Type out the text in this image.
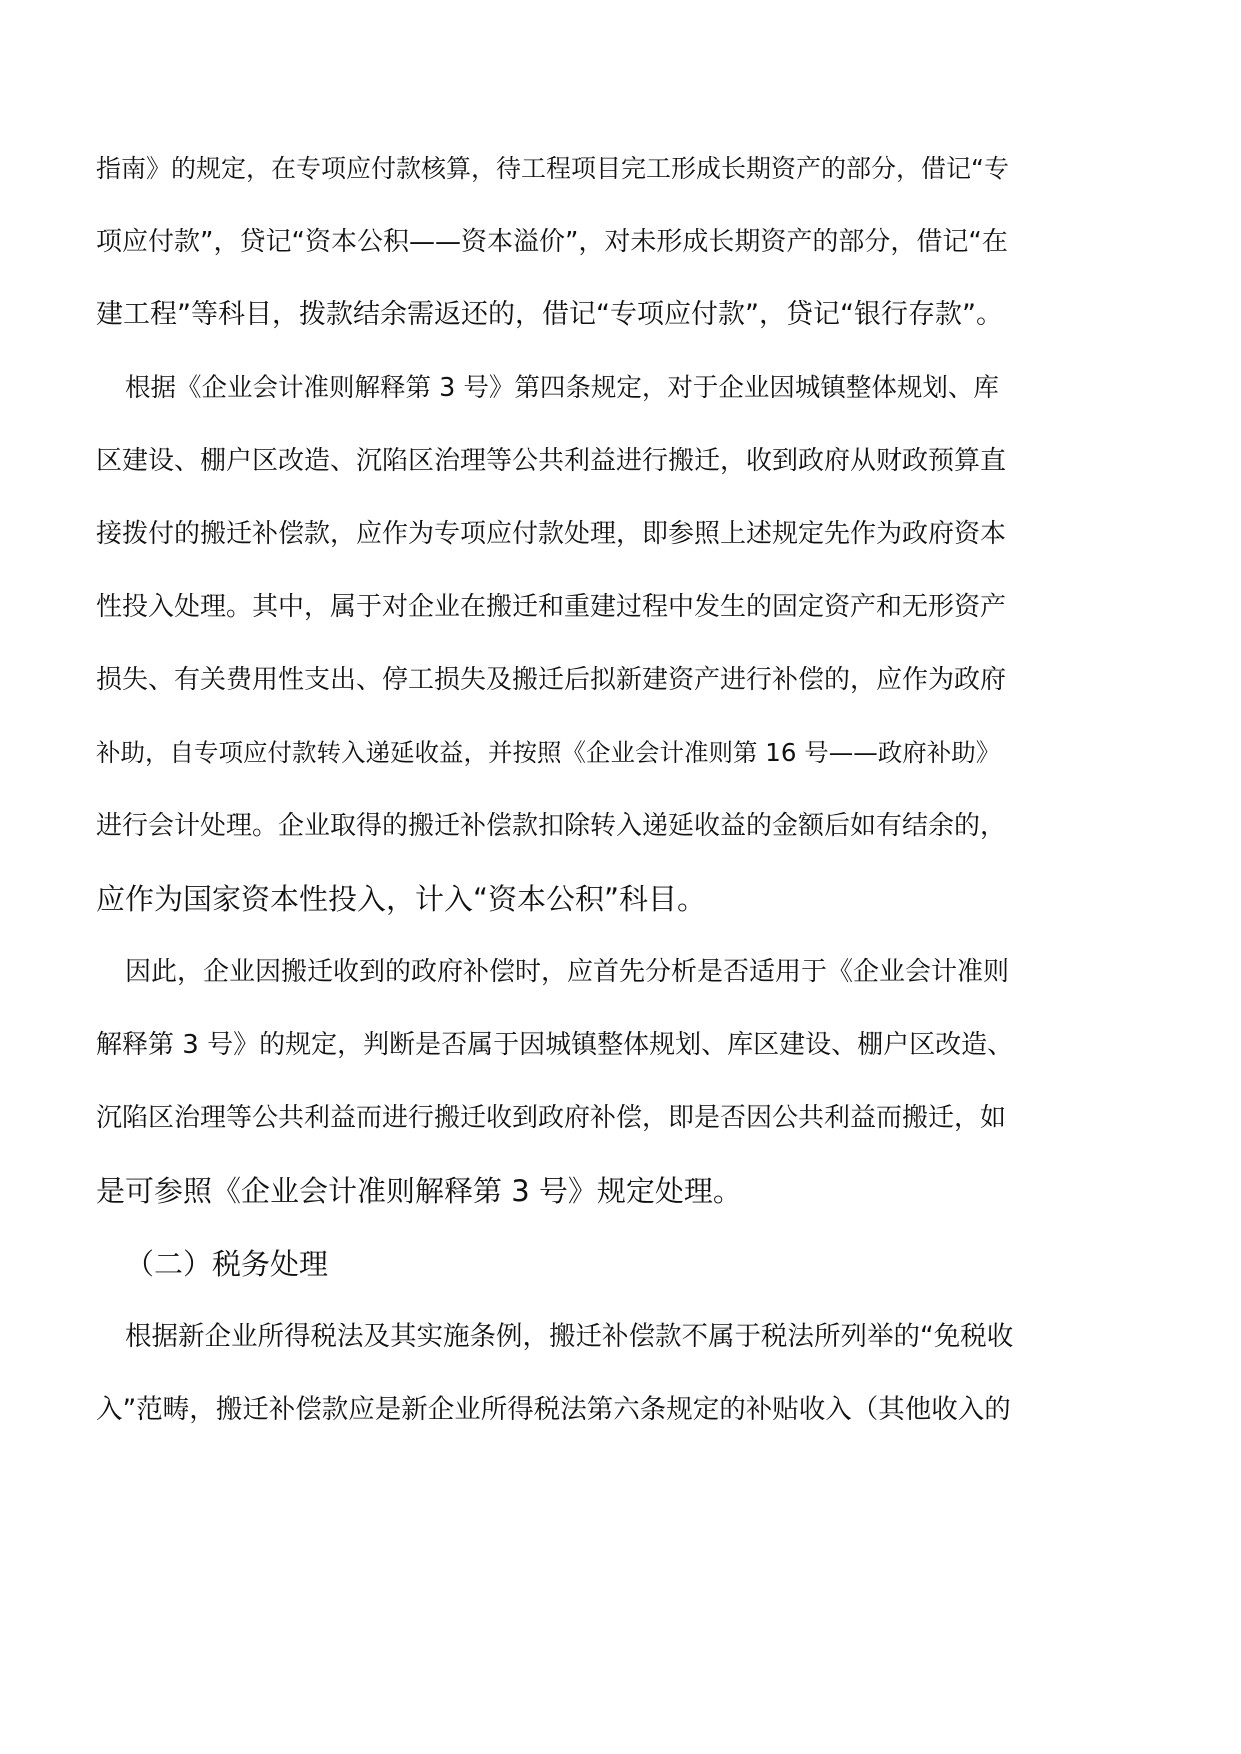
指南》的规定，在专项应付款核算，待工程项目完工形成长期资产的部分，借记“专
项应付款”，贷记“资本公积——资本溢价”，对未形成长期资产的部分，借记“在
建工程”等科目，拨款结余需返还的，借记“专项应付款”，贷记“银行存款”。
根据《企业会计准则解释第 3 号》第四条规定，对于企业因城镇整体规划、库
区建设、棚户区改造、沉陷区治理等公共利益进行搬迁，收到政府从财政预算直
接拨付的搬迁补偿款，应作为专项应付款处理，即参照上述规定先作为政府资本
性投入处理。其中，属于对企业在搬迁和重建过程中发生的固定资产和无形资产
损失、有关费用性支出、停工损失及搬迁后拟新建资产进行补偿的，应作为政府
补助，自专项应付款转入递延收益，并按照《企业会计准则第 16 号——政府补助》
进行会计处理。企业取得的搬迁补偿款扣除转入递延收益的金额后如有结余的，
应作为国家资本性投入，计入“资本公积”科目。
因此，企业因搬迁收到的政府补偿时，应首先分析是否适用于《企业会计准则
解释第 3 号》的规定，判断是否属于因城镇整体规划、库区建设、棚户区改造、
沉陷区治理等公共利益而进行搬迁收到政府补偿，即是否因公共利益而搬迁，如
是可参照《企业会计准则解释第 3 号》规定处理。
（二）税务处理
根据新企业所得税法及其实施条例，搬迁补偿款不属于税法所列举的“免税收
入”范畴，搬迁补偿款应是新企业所得税法第六条规定的补贴收入（其他收入的
